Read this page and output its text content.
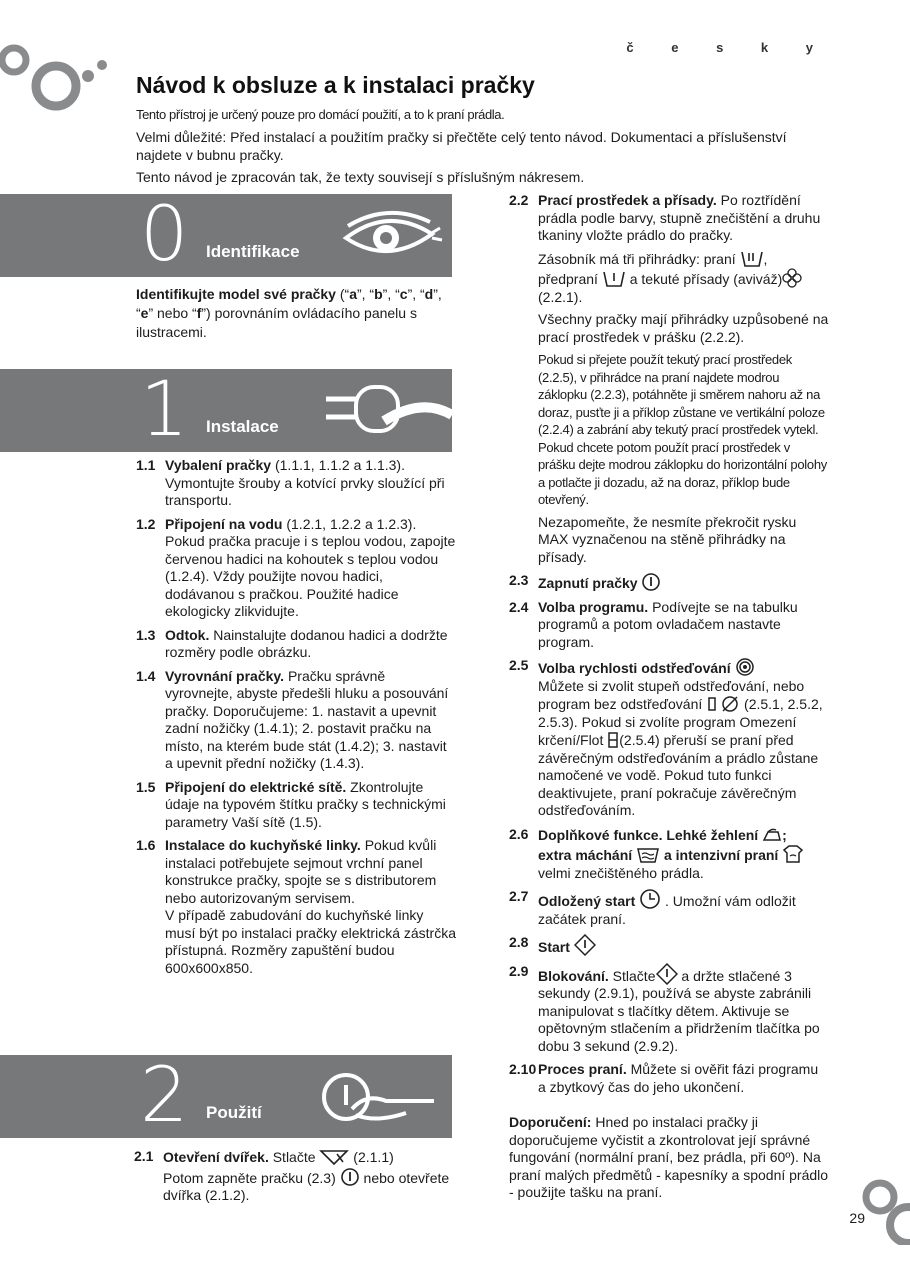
č e s k y
Návod k obsluze a k instalaci pračky

Tento přístroj je určený pouze pro domácí použití, a to k praní prádla.

Velmi důležité: Před instalací a použitím pračky si přečtěte celý tento návod. Dokumentaci a příslušenství najdete v bubnu pračky.

Tento návod je zpracován tak, že texty souvisejí s příslušným nákresem.

0 Identifikace
Identifikujte model své pračky (“a”, “b”, “c”, “d”, “e” nebo “f”) porovnáním ovládacího panelu s ilustracemi.
1 Instalace
1.1 Vybalení pračky (1.1.1, 1.1.2 a 1.1.3). Vymontujte šrouby a kotvící prvky sloužící při transportu.
1.2 Připojení na vodu (1.2.1, 1.2.2 a 1.2.3). Pokud pračka pracuje i s teplou vodou, zapojte červenou hadici na kohoutek s teplou vodou (1.2.4). Vždy použijte novou hadici, dodávanou s pračkou. Použité hadice ekologicky zlikvidujte.
1.3 Odtok. Nainstalujte dodanou hadici a dodržte rozměry podle obrázku.
1.4 Vyrovnání pračky. Pračku správně vyrovnejte, abyste předešli hluku a posouvání pračky. Doporučujeme: 1. nastavit a upevnit zadní nožičky (1.4.1); 2. postavit pračku na místo, na kterém bude stát (1.4.2); 3. nastavit a upevnit přední nožičky (1.4.3).
1.5 Připojení do elektrické sítě. Zkontrolujte údaje na typovém štítku pračky s technickými parametry Vaší sítě (1.5).
1.6 Instalace do kuchyňské linky. Pokud kvůli instalaci potřebujete sejmout vrchní panel konstrukce pračky, spojte se s distributorem nebo autorizovaným servisem.
V případě zabudování do kuchyňské linky musí být po instalaci pračky elektrická zástrčka přístupná. Rozměry zapuštění budou 600x600x850.
2 Použití
2.1 Otevření dvířek. Stlačte  (2.1.1)
Potom zapněte pračku (2.3)  nebo otevřete dvířka (2.1.2).
2.2 Prací prostředek a přísady. Po roztřídění prádla podle barvy, stupně znečištění a druhu tkaniny vložte prádlo do pračky.

Zásobník má tři přihrádky: praní , předpraní  a tekuté přísady (aviváž) (2.2.1).

Všechny pračky mají přihrádky uzpůsobené na prací prostředek v prášku (2.2.2).

Pokud si přejete použít tekutý prací prostředek (2.2.5), v přihrádce na praní najdete modrou záklopku (2.2.3), potáhněte ji směrem nahoru až na doraz, pusťte ji a příklop zůstane ve vertikální poloze (2.2.4) a zabrání aby tekutý prací prostředek vytekl. Pokud chcete potom použít prací prostředek v prášku dejte modrou záklopku do horizontální polohy a potlačte ji dozadu, až na doraz, příklop bude otevřený.

Nezapomeňte, že nesmíte překročit rysku MAX vyznačenou na stěně přihrádky na přísady.

2.3 Zapnutí pračky
2.4 Volba programu. Podívejte se na tabulku programů a potom ovladačem nastavte program.
2.5 Volba rychlosti odstřeďování
Můžete si zvolit stupeň odstřeďování, nebo program bez odstřeďování  (2.5.1, 2.5.2, 2.5.3). Pokud si zvolíte program Omezení krčení/Flot (2.5.4) přeruší se praní před závěrečným odstřeďováním a prádlo zůstane namočené ve vodě. Pokud tuto funkci deaktivujete, praní pokračuje závěrečným odstřeďováním.
2.6 Doplňkové funkce. Lehké žehlení ;
extra máchání  a intenzivní praní
velmi znečištěného prádla.
2.7 Odložený start  . Umožní vám odložit začátek praní.
2.8 Start
2.9 Blokování. Stlačte a držte stlačené 3 sekundy (2.9.1), používá se abyste zabránili manipulovat s tlačítky dětem. Aktivuje se opětovným stlačením a přidržením tlačítka po dobu 3 sekund (2.9.2).
2.10 Proces praní. Můžete si ověřit fázi programu a zbytkový čas do jeho ukončení.
Doporučení: Hned po instalaci pračky ji doporučujeme vyčistit a zkontrolovat její správné fungování (normální praní, bez prádla, při 60º). Na praní malých předmětů - kapesníky a spodní prádlo - použijte tašku na praní.
29
